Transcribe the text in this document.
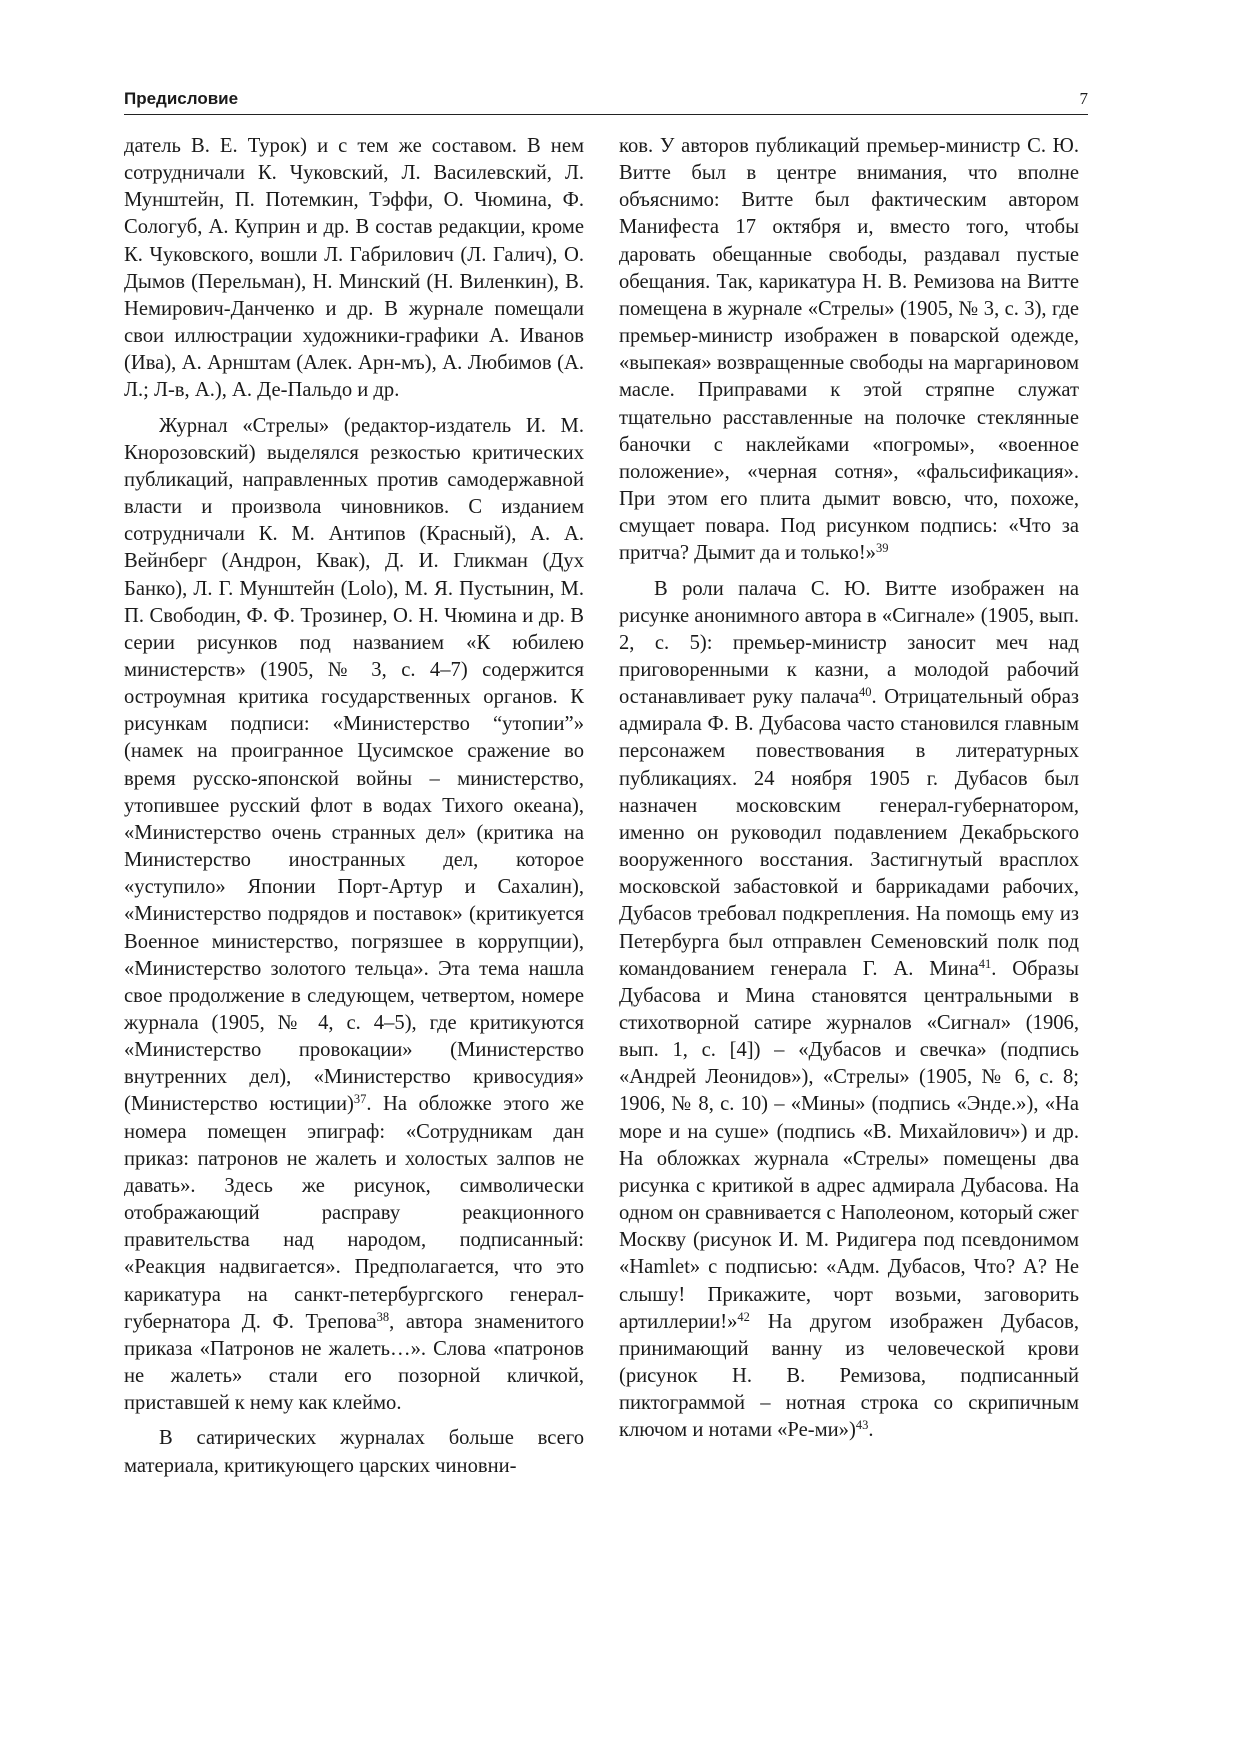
Предисловие	7

датель В. Е. Турок) и с тем же составом. В нем сотрудничали К. Чуковский, Л. Василевский, Л. Мунштейн, П. Потемкин, Тэффи, О. Чюмина, Ф. Сологуб, А. Куприн и др. В состав редакции, кроме К. Чуковского, вошли Л. Габрилович (Л. Галич), О. Дымов (Перельман), Н. Минский (Н. Виленкин), В. Немирович-Данченко и др. В журнале помещали свои иллюстрации художники-графики А. Иванов (Ива), А. Арнштам (Алек. Арн-мъ), А. Любимов (А. Л.; Л-в, А.), А. Де-Пальдо и др.

Журнал «Стрелы» (редактор-издатель И. М. Кнорозовский) выделялся резкостью критических публикаций, направленных против самодержавной власти и произвола чиновников. С изданием сотрудничали К. М. Антипов (Красный), А. А. Вейнберг (Андрон, Квак), Д. И. Гликман (Дух Банко), Л. Г. Мунштейн (Lolo), М. Я. Пустынин, М. П. Свободин, Ф. Ф. Трозинер, О. Н. Чюмина и др. В серии рисунков под названием «К юбилею министерств» (1905, № 3, с. 4–7) содержится остроумная критика государственных органов. К рисункам подписи: «Министерство “утопии”» (намек на проигранное Цусимское сражение во время русско-японской войны – министерство, утопившее русский флот в водах Тихого океана), «Министерство очень странных дел» (критика на Министерство иностранных дел, которое «уступило» Японии Порт-Артур и Сахалин), «Министерство подрядов и поставок» (критикуется Военное министерство, погрязшее в коррупции), «Министерство золотого тельца». Эта тема нашла свое продолжение в следующем, четвертом, номере журнала (1905, № 4, с. 4–5), где критикуются «Министерство провокации» (Министерство внутренних дел), «Министерство кривосудия» (Министерство юстиции)$^{37}$. На обложке этого же номера помещен эпиграф: «Сотрудникам дан приказ: патронов не жалеть и холостых залпов не давать». Здесь же рисунок, символически отображающий расправу реакционного правительства над народом, подписанный: «Реакция надвигается». Предполагается, что это карикатура на санкт-петербургского генерал-губернатора Д. Ф. Трепова$^{38}$, автора знаменитого приказа «Патронов не жалеть…». Слова «патронов не жалеть» стали его позорной кличкой, приставшей к нему как клеймо.

В сатирических журналах больше всего материала, критикующего царских чиновни-

ков. У авторов публикаций премьер-министр С. Ю. Витте был в центре внимания, что вполне объяснимо: Витте был фактическим автором Манифеста 17 октября и, вместо того, чтобы даровать обещанные свободы, раздавал пустые обещания. Так, карикатура Н. В. Ремизова на Витте помещена в журнале «Стрелы» (1905, № 3, с. 3), где премьер-министр изображен в поварской одежде, «выпекая» возвращенные свободы на маргариновом масле. Приправами к этой стряпне служат тщательно расставленные на полочке стеклянные баночки с наклейками «погромы», «военное положение», «черная сотня», «фальсификация». При этом его плита дымит вовсю, что, похоже, смущает повара. Под рисунком подпись: «Что за притча? Дымит да и только!»$^{39}$

В роли палача С. Ю. Витте изображен на рисунке анонимного автора в «Сигнале» (1905, вып. 2, с. 5): премьер-министр заносит меч над приговоренными к казни, а молодой рабочий останавливает руку палача$^{40}$. Отрицательный образ адмирала Ф. В. Дубасова часто становился главным персонажем повествования в литературных публикациях. 24 ноября 1905 г. Дубасов был назначен московским генерал-губернатором, именно он руководил подавлением Декабрьского вооруженного восстания. Застигнутый врасплох московской забастовкой и баррикадами рабочих, Дубасов требовал подкрепления. На помощь ему из Петербурга был отправлен Семеновский полк под командованием генерала Г. А. Мина$^{41}$. Образы Дубасова и Мина становятся центральными в стихотворной сатире журналов «Сигнал» (1906, вып. 1, с. [4]) – «Дубасов и свечка» (подпись «Андрей Леонидов»), «Стрелы» (1905, № 6, с. 8; 1906, № 8, с. 10) – «Мины» (подпись «Энде.»), «На море и на суше» (подпись «В. Михайлович») и др. На обложках журнала «Стрелы» помещены два рисунка с критикой в адрес адмирала Дубасова. На одном он сравнивается с Наполеоном, который сжег Москву (рисунок И. М. Ридигера под псевдонимом «Hamlet» с подписью: «Адм. Дубасов, Что? А? Не слышу! Прикажите, чорт возьми, заговорить артиллерии!»$^{42}$ На другом изображен Дубасов, принимающий ванну из человеческой крови (рисунок Н. В. Ремизова, подписанный пиктограммой – нотная строка со скрипичным ключом и нотами «Ре-ми»)$^{43}$.
